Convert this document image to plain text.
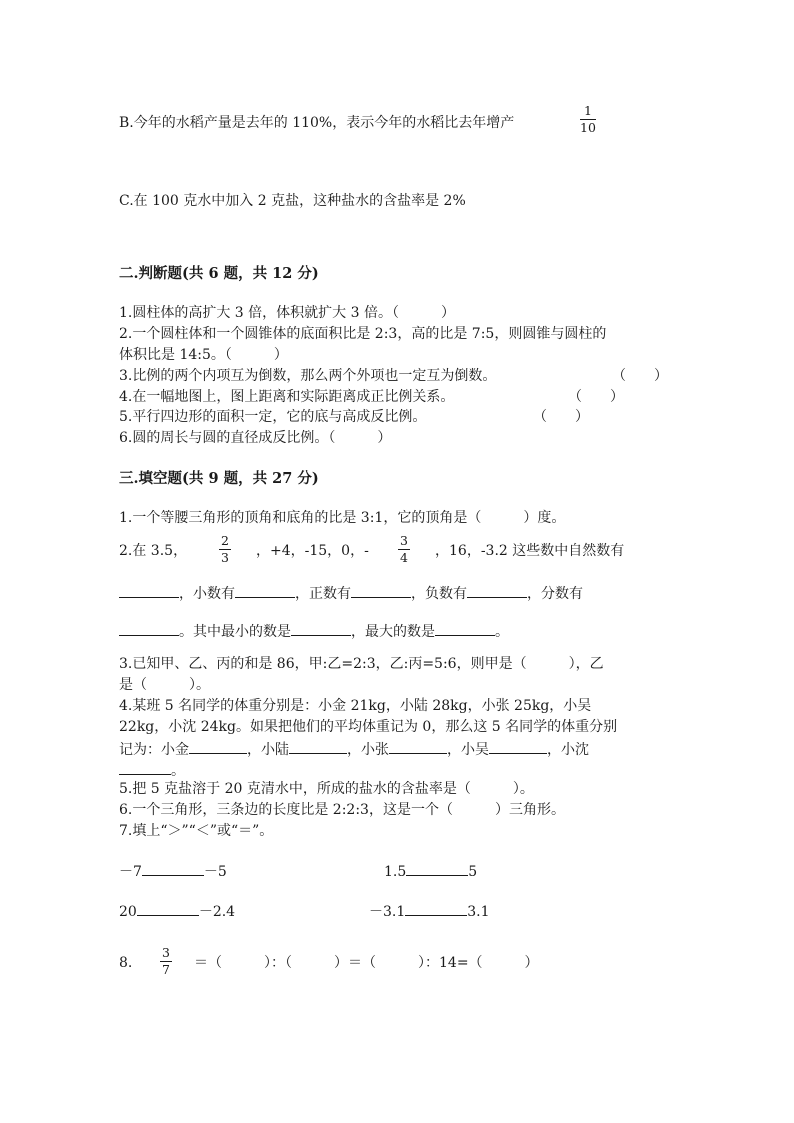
B.今年的水稻产量是去年的 110%，表示今年的水稻比去年增产
1
10
C.在 100 克水中加入 2 克盐，这种盐水的含盐率是 2%
二.判断题(共 6 题，共 12 分)
1.圆柱体的高扩大 3 倍，体积就扩大 3 倍。（　　　）
2.一个圆柱体和一个圆锥体的底面积比是 2:3，高的比是 7:5，则圆锥与圆柱的
体积比是 14:5。（　　　）
3.比例的两个内项互为倒数，那么两个外项也一定互为倒数。	（　　）
4.在一幅地图上，图上距离和实际距离成正比例关系。	（　　）
5.平行四边形的面积一定，它的底与高成反比例。	（　　）
6.圆的周长与圆的直径成反比例。（　　　）
三.填空题(共 9 题，共 27 分)
1.一个等腰三角形的顶角和底角的比是 3:1，它的顶角是（　　　）度。
2.在 3.5，
2
3 ，+4，-15，0，-
3
4 ，16，-3.2 这些数中自然数有
，小数有	，正数有	，负数有	，分数有
。其中最小的数是	，最大的数是	。
3.已知甲、乙、丙的和是 86，甲:乙=2:3，乙:丙=5:6，则甲是（　　　），乙
是（　　　）。
4.某班 5 名同学的体重分别是：小金 21kg，小陆 28kg，小张 25kg，小吴
22kg，小沈 24kg。如果把他们的平均体重记为 0，那么这 5 名同学的体重分别
记为：小金	，小陆	，小张	，小吴	，小沈
。
5.把 5 克盐溶于 20 克清水中，所成的盐水的含盐率是（　　　）。
6.一个三角形，三条边的长度比是 2:2:3，这是一个（　　　）三角形。
7.填上“＞”“＜”或“＝”。
－7	－5	1.5	5
20	－2.4	－3.1	3.1
8.
3
7 ＝（　　　）：（　　　）＝（　　　）：14=（　　　）
